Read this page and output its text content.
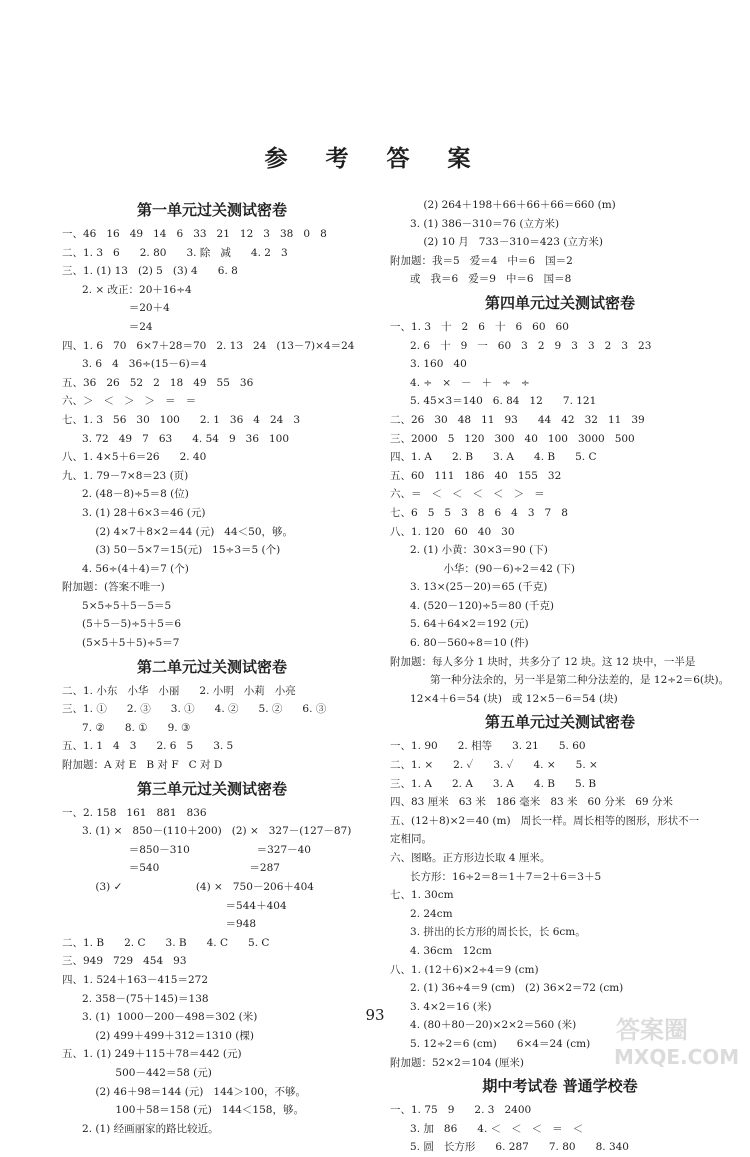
参 考 答 案
第一单元过关测试密卷
一、46   16   49   14   6   33   21   12   3   38   0   8
二、1. 3   6      2. 80      3. 除   减      4. 2   3
三、1. (1) 13   (2) 5   (3) 4      6. 8
2. × 改正：20＋16÷4
＝20＋4
＝24
四、1. 6   70   6×7＋28＝70   2. 13   24   (13－7)×4＝24
3. 6   4   36÷(15－6)＝4
五、36   26   52   2   18   49   55   36
六、＞   ＜   ＞   ＞   ＝   ＝
七、1. 3   56   30   100      2. 1   36   4   24   3
3. 72   49   7   63      4. 54   9   36   100
八、1. 4×5＋6＝26      2. 40
九、1. 79－7×8＝23 (页)
2. (48－8)÷5＝8 (位)
3. (1) 28＋6×3＝46 (元)
(2) 4×7＋8×2＝44 (元)   44＜50，够。
(3) 50－5×7＝15(元)   15÷3＝5 (个)
4. 56÷(4＋4)＝7 (个)
附加题：(答案不唯一)
5×5÷5＋5－5＝5
(5＋5－5)÷5＋5＝6
(5×5＋5＋5)÷5＝7
第二单元过关测试密卷
二、1. 小东   小华   小丽      2. 小明   小莉   小亮
三、1. ①      2. ③      3. ①      4. ②      5. ②      6. ③
7. ②      8. ①      9. ③
五、1. 1   4   3      2. 6   5      3. 5
附加题：A 对 E   B 对 F   C 对 D
第三单元过关测试密卷
一、2. 158   161   881   836
3. (1) ×   850－(110＋200)   (2) ×   327－(127－87)
＝850－310                    ＝327－40
＝540                           ＝287
(3) ✓                      (4) ×   750－206＋404
＝544＋404
＝948
二、1. B      2. C      3. B      4. C      5. C
三、949   729   454   93
四、1. 524＋163－415＝272
2. 358－(75＋145)＝138
3. (1)  1000－200－498＝302 (米)
(2) 499＋499＋312＝1310 (棵)
五、1. (1) 249＋115＋78＝442 (元)
500－442＝58 (元)
(2) 46＋98＝144 (元)   144＞100，不够。
100＋58＝158 (元)   144＜158，够。
2. (1) 经画丽家的路比较近。
(2) 264＋198＋66＋66＋66＝660 (m)
3. (1) 386－310＝76 (立方米)
(2) 10 月   733－310＝423 (立方米)
附加题：我＝5   爱＝4   中＝6   国＝2
或   我＝6   爱＝9   中＝6   国＝8
第四单元过关测试密卷
一、1. 3   十   2   6   十   6   60   60
2. 6   十   9   一   60   3   2   9   3   3   2   3   23
3. 160   40
4. ÷   ×   －   ＋   ÷   ÷
5. 45×3＝140   6. 84   12      7. 121
二、26   30   48   11   93      44   42   32   11   39
三、2000   5   120   300   40   100   3000   500
四、1. A      2. B      3. A      4. B      5. C
五、60   111   186   40   155   32
六、＝   ＜   ＜   ＜   ＜   ＞   ＝
七、6   5   5   3   8   6   4   3   7   8
八、1. 120   60   40   30
2. (1) 小黄：30×3＝90 (下)
小华：(90－6)÷2＝42 (下)
3. 13×(25－20)＝65 (千克)
4. (520－120)÷5＝80 (千克)
5. 64＋64×2＝192 (元)
6. 80－560÷8＝10 (件)
附加题：每人多分 1 块时，共多分了 12 块。这 12 块中，一半是
第一种分法余的，另一半是第二种分法差的，是 12÷2＝6(块)。
12×4＋6＝54 (块)   或 12×5－6＝54 (块)
第五单元过关测试密卷
一、1. 90      2. 相等      3. 21      5. 60
二、1. ×      2. ✓      3. ✓      4. ×      5. ×
三、1. A      2. A      3. A      4. B      5. B
四、83 厘米   63 米   186 毫米   83 米   60 分米   69 分米
五、(12＋8)×2＝40 (m)   周长一样。周长相等的图形，形状不一
定相同。
六、图略。正方形边长取 4 厘米。
长方形：16÷2＝8＝1＋7＝2＋6＝3＋5
七、1. 30cm
2. 24cm
3. 拼出的长方形的周长长，长 6cm。
4. 36cm   12cm
八、1. (12＋6)×2÷4＝9 (cm)
2. (1) 36÷4＝9 (cm)   (2) 36×2＝72 (cm)
3. 4×2＝16 (米)
4. (80＋80－20)×2×2＝560 (米)
5. 12÷2＝6 (cm)      6×4＝24 (cm)
附加题：52×2＝104 (厘米)
期中考试卷 普通学校卷
一、1. 75   9      2. 3   2400
3. 加   86      4. ＜   ＜   ＜   ＝   ＜
5. 圆   长方形      6. 287      7. 80      8. 340
93
答案圈
MXQE.COM
